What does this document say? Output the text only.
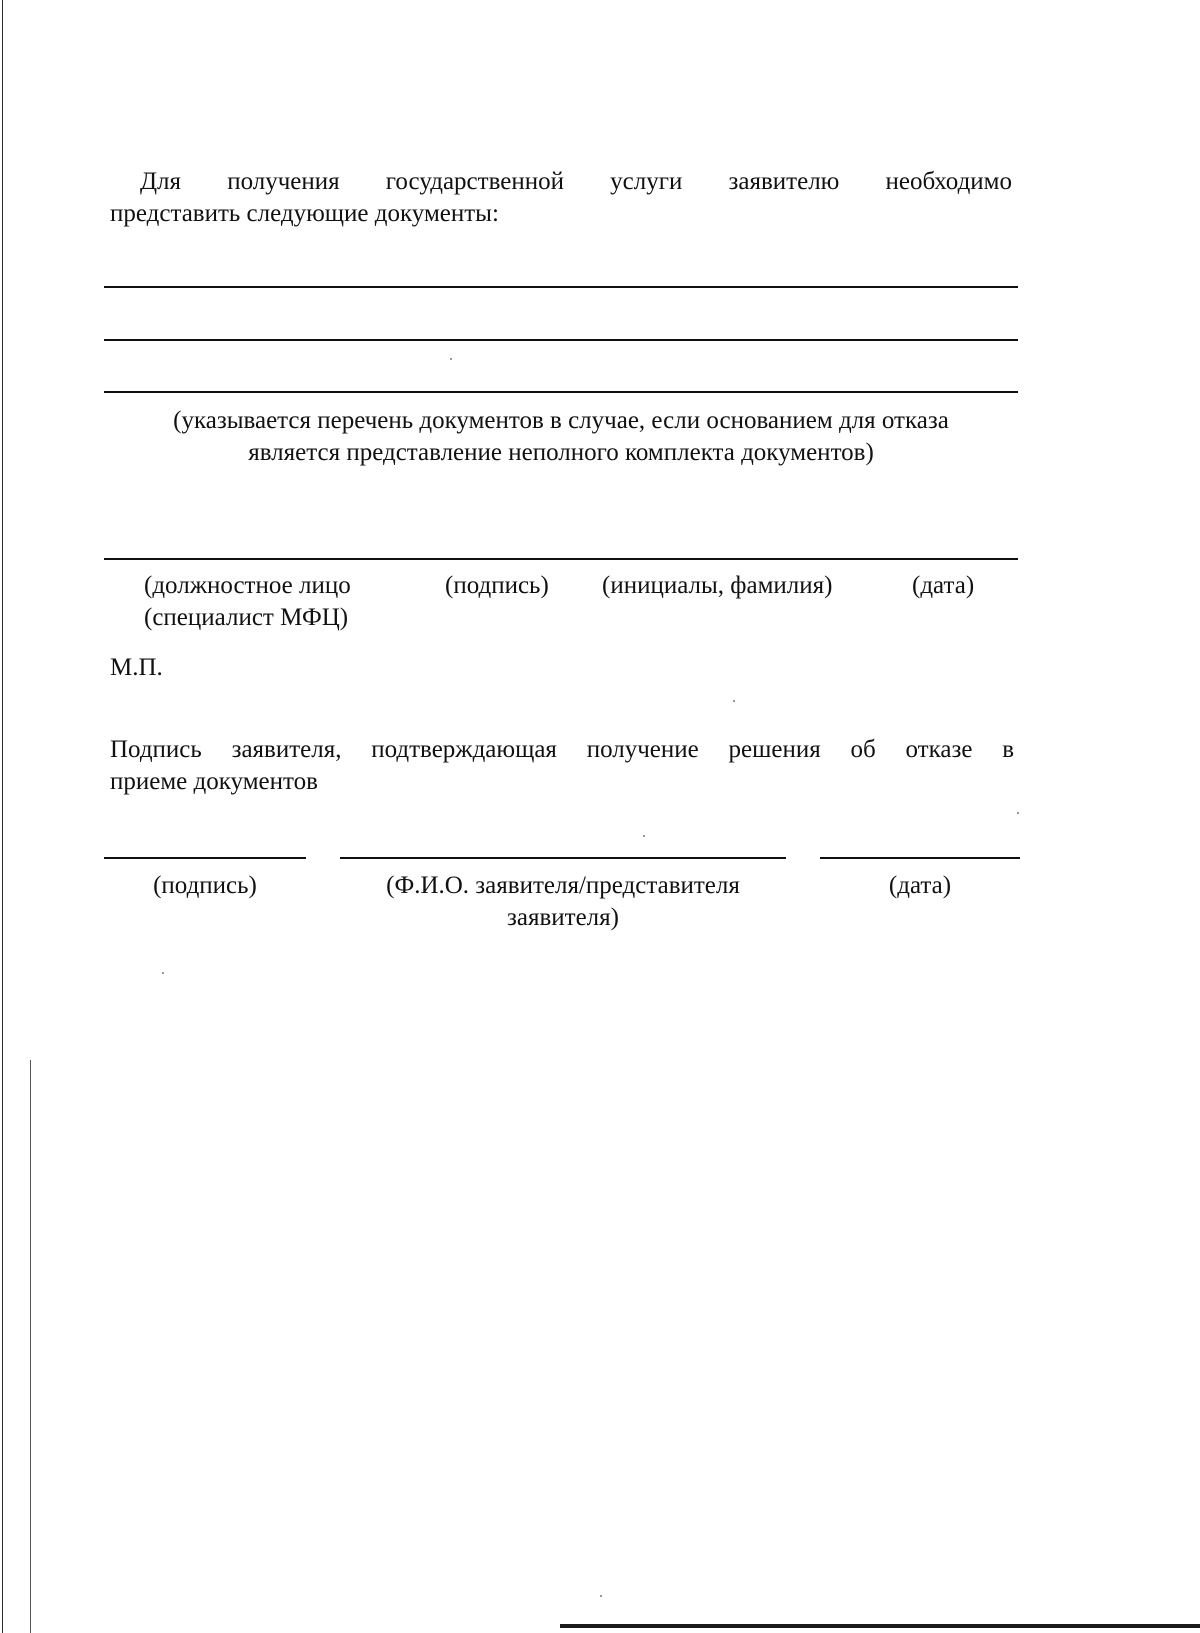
Для получения государственной услуги заявителю необходимо
представить следующие документы:
(указывается перечень документов в случае, если основанием для отказа
является представление неполного комплекта документов)
(должностное лицо
(специалист МФЦ)
(подпись) (инициалы, фамилия)	(дата)
М.П.
Подпись заявителя, подтверждающая получение решения об отказе в
приеме документов
(подпись)	(Ф.И.О. заявителя/представителя
заявителя)
(дата)
